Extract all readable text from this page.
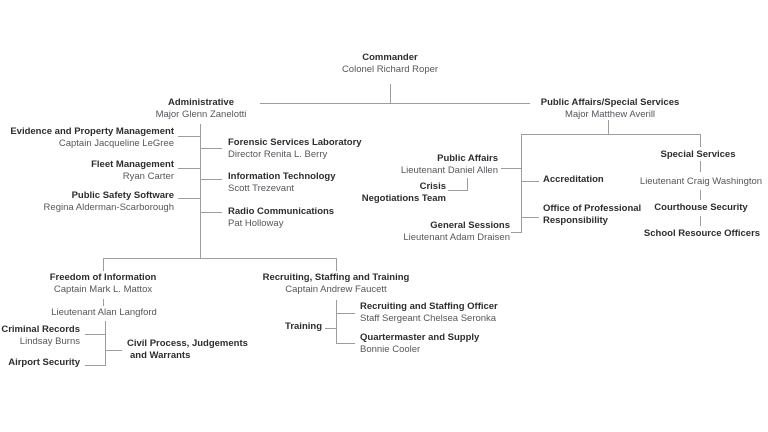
Commander
Colonel Richard Roper
Administrative
Major Glenn Zanelotti
Public Affairs/Special Services
Major Matthew Averill
Evidence and Property Management
Captain Jacqueline LeGree
Fleet Management
Ryan Carter
Public Safety Software
Regina Alderman-Scarborough
Forensic Services Laboratory
Director Renita L. Berry
Information Technology
Scott Trezevant
Radio Communications
Pat Holloway
Public Affairs
Lieutenant Daniel Allen
Crisis
Negotiations Team
General Sessions
Lieutenant Adam Draisen
Accreditation
Office of Professional
Responsibility
Special Services
Lieutenant Craig Washington
Courthouse Security
School Resource Officers
Freedom of Information
Captain Mark L. Mattox
Lieutenant Alan Langford
Criminal Records
Lindsay Burns
Airport Security
Civil Process, Judgements
and Warrants
Recruiting, Staffing and Training
Captain Andrew Faucett
Training
Recruiting and Staffing Officer
Staff Sergeant Chelsea Seronka
Quartermaster and Supply
Bonnie Cooler
